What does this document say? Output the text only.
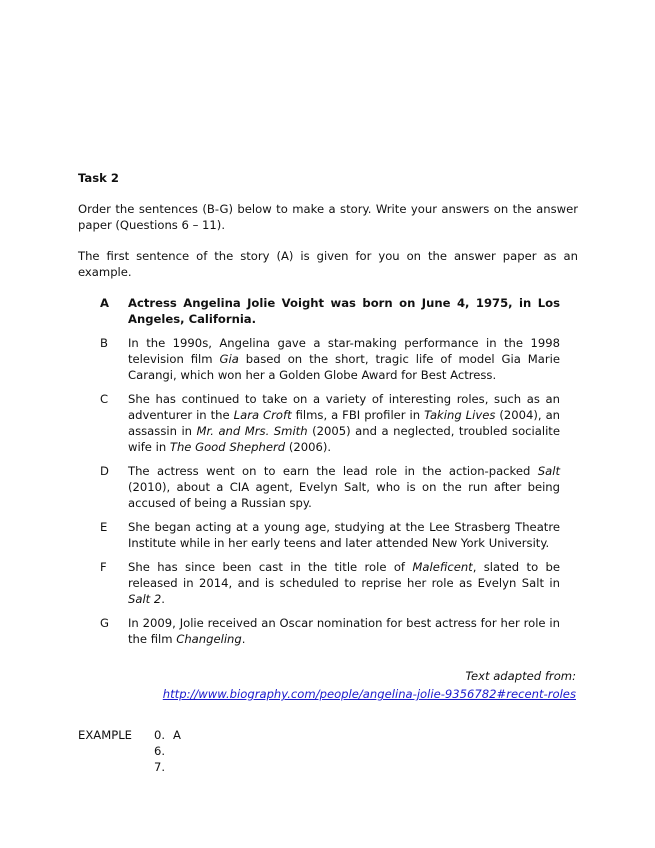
Task 2

Order the sentences (B-G) below to make a story. Write your answers on the answer paper (Questions 6 – 11).

The first sentence of the story (A) is given for you on the answer paper as an example.

A Actress Angelina Jolie Voight was born on June 4, 1975, in Los Angeles, California.
B In the 1990s, Angelina gave a star-making performance in the 1998 television film Gia based on the short, tragic life of model Gia Marie Carangi, which won her a Golden Globe Award for Best Actress.
C She has continued to take on a variety of interesting roles, such as an adventurer in the Lara Croft films, a FBI profiler in Taking Lives (2004), an assassin in Mr. and Mrs. Smith (2005) and a neglected, troubled socialite wife in The Good Shepherd (2006).
D The actress went on to earn the lead role in the action-packed Salt (2010), about a CIA agent, Evelyn Salt, who is on the run after being accused of being a Russian spy.
E She began acting at a young age, studying at the Lee Strasberg Theatre Institute while in her early teens and later attended New York University.
F She has since been cast in the title role of Maleficent, slated to be released in 2014, and is scheduled to reprise her role as Evelyn Salt in Salt 2.
G In 2009, Jolie received an Oscar nomination for best actress for her role in the film Changeling.
Text adapted from:
http://www.biography.com/people/angelina-jolie-9356782#recent-roles
EXAMPLE 0. A
6.
7.
